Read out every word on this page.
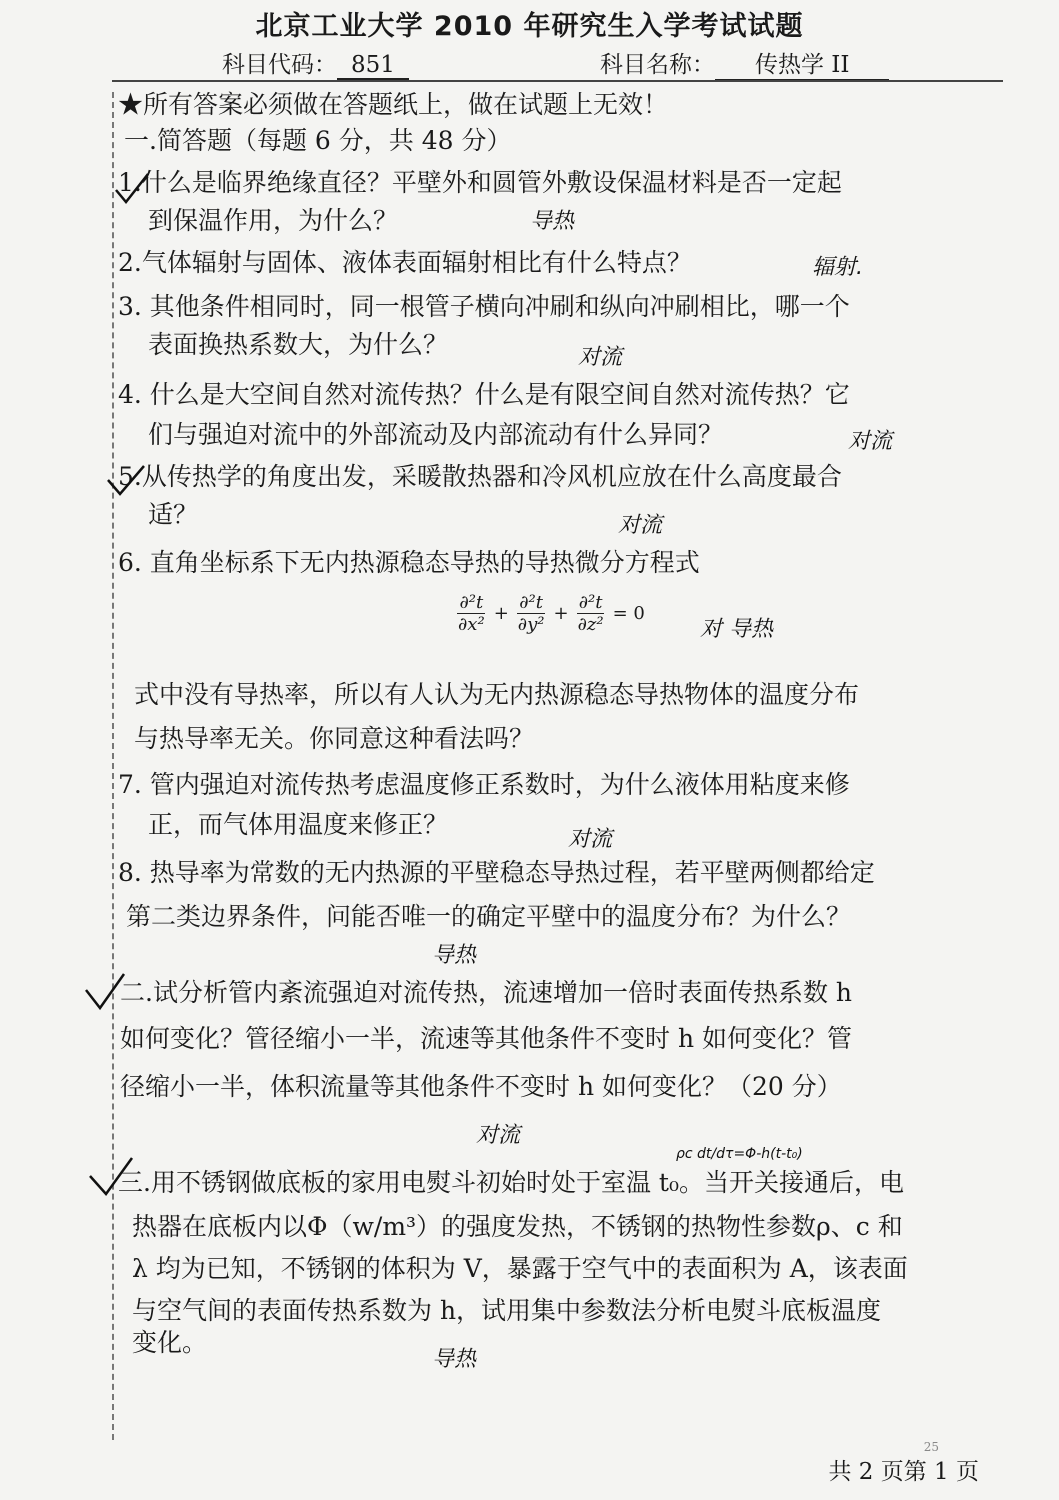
北京工业大学 2010 年研究生入学考试试题
科目代码： 851	科目名称： 传热学 II
★所有答案必须做在答题纸上，做在试题上无效！
一.简答题（每题 6 分，共 48 分）
1.什么是临界绝缘直径？平壁外和圆管外敷设保温材料是否一定起
到保温作用，为什么？
2.气体辐射与固体、液体表面辐射相比有什么特点？
3. 其他条件相同时，同一根管子横向冲刷和纵向冲刷相比，哪一个
表面换热系数大，为什么？
4. 什么是大空间自然对流传热？什么是有限空间自然对流传热？它
们与强迫对流中的外部流动及内部流动有什么异同？
5.从传热学的角度出发，采暖散热器和冷风机应放在什么高度最合
适？
6. 直角坐标系下无内热源稳态导热的导热微分方程式
$\frac{\text{∂²t}}{\text{∂x²}} + \frac{\text{∂²t}}{\text{∂y²}} + \frac{\text{∂²t}}{\text{∂z²}} = 0$
式中没有导热率，所以有人认为无内热源稳态导热物体的温度分布
与热导率无关。你同意这种看法吗？
7. 管内强迫对流传热考虑温度修正系数时，为什么液体用粘度来修
正，而气体用温度来修正？
8. 热导率为常数的无内热源的平壁稳态导热过程，若平壁两侧都给定
第二类边界条件，问能否唯一的确定平壁中的温度分布？为什么？
二.试分析管内紊流强迫对流传热，流速增加一倍时表面传热系数 h
如何变化？管径缩小一半，流速等其他条件不变时 h 如何变化？管
径缩小一半，体积流量等其他条件不变时 h 如何变化？（20 分）
三.用不锈钢做底板的家用电熨斗初始时处于室温 t₀。当开关接通后，电
热器在底板内以Φ（w/m³）的强度发热，不锈钢的热物性参数ρ、c 和
λ 均为已知，不锈钢的体积为 V，暴露于空气中的表面积为 A，该表面
与空气间的表面传热系数为 h，试用集中参数法分析电熨斗底板温度
变化。
导热
辐射.
对流
对流
对流
对 导热
对流
导热
对流
ρc dt/dτ=Φ-h(t-t₀)
导热
25
共 2 页第 1 页
